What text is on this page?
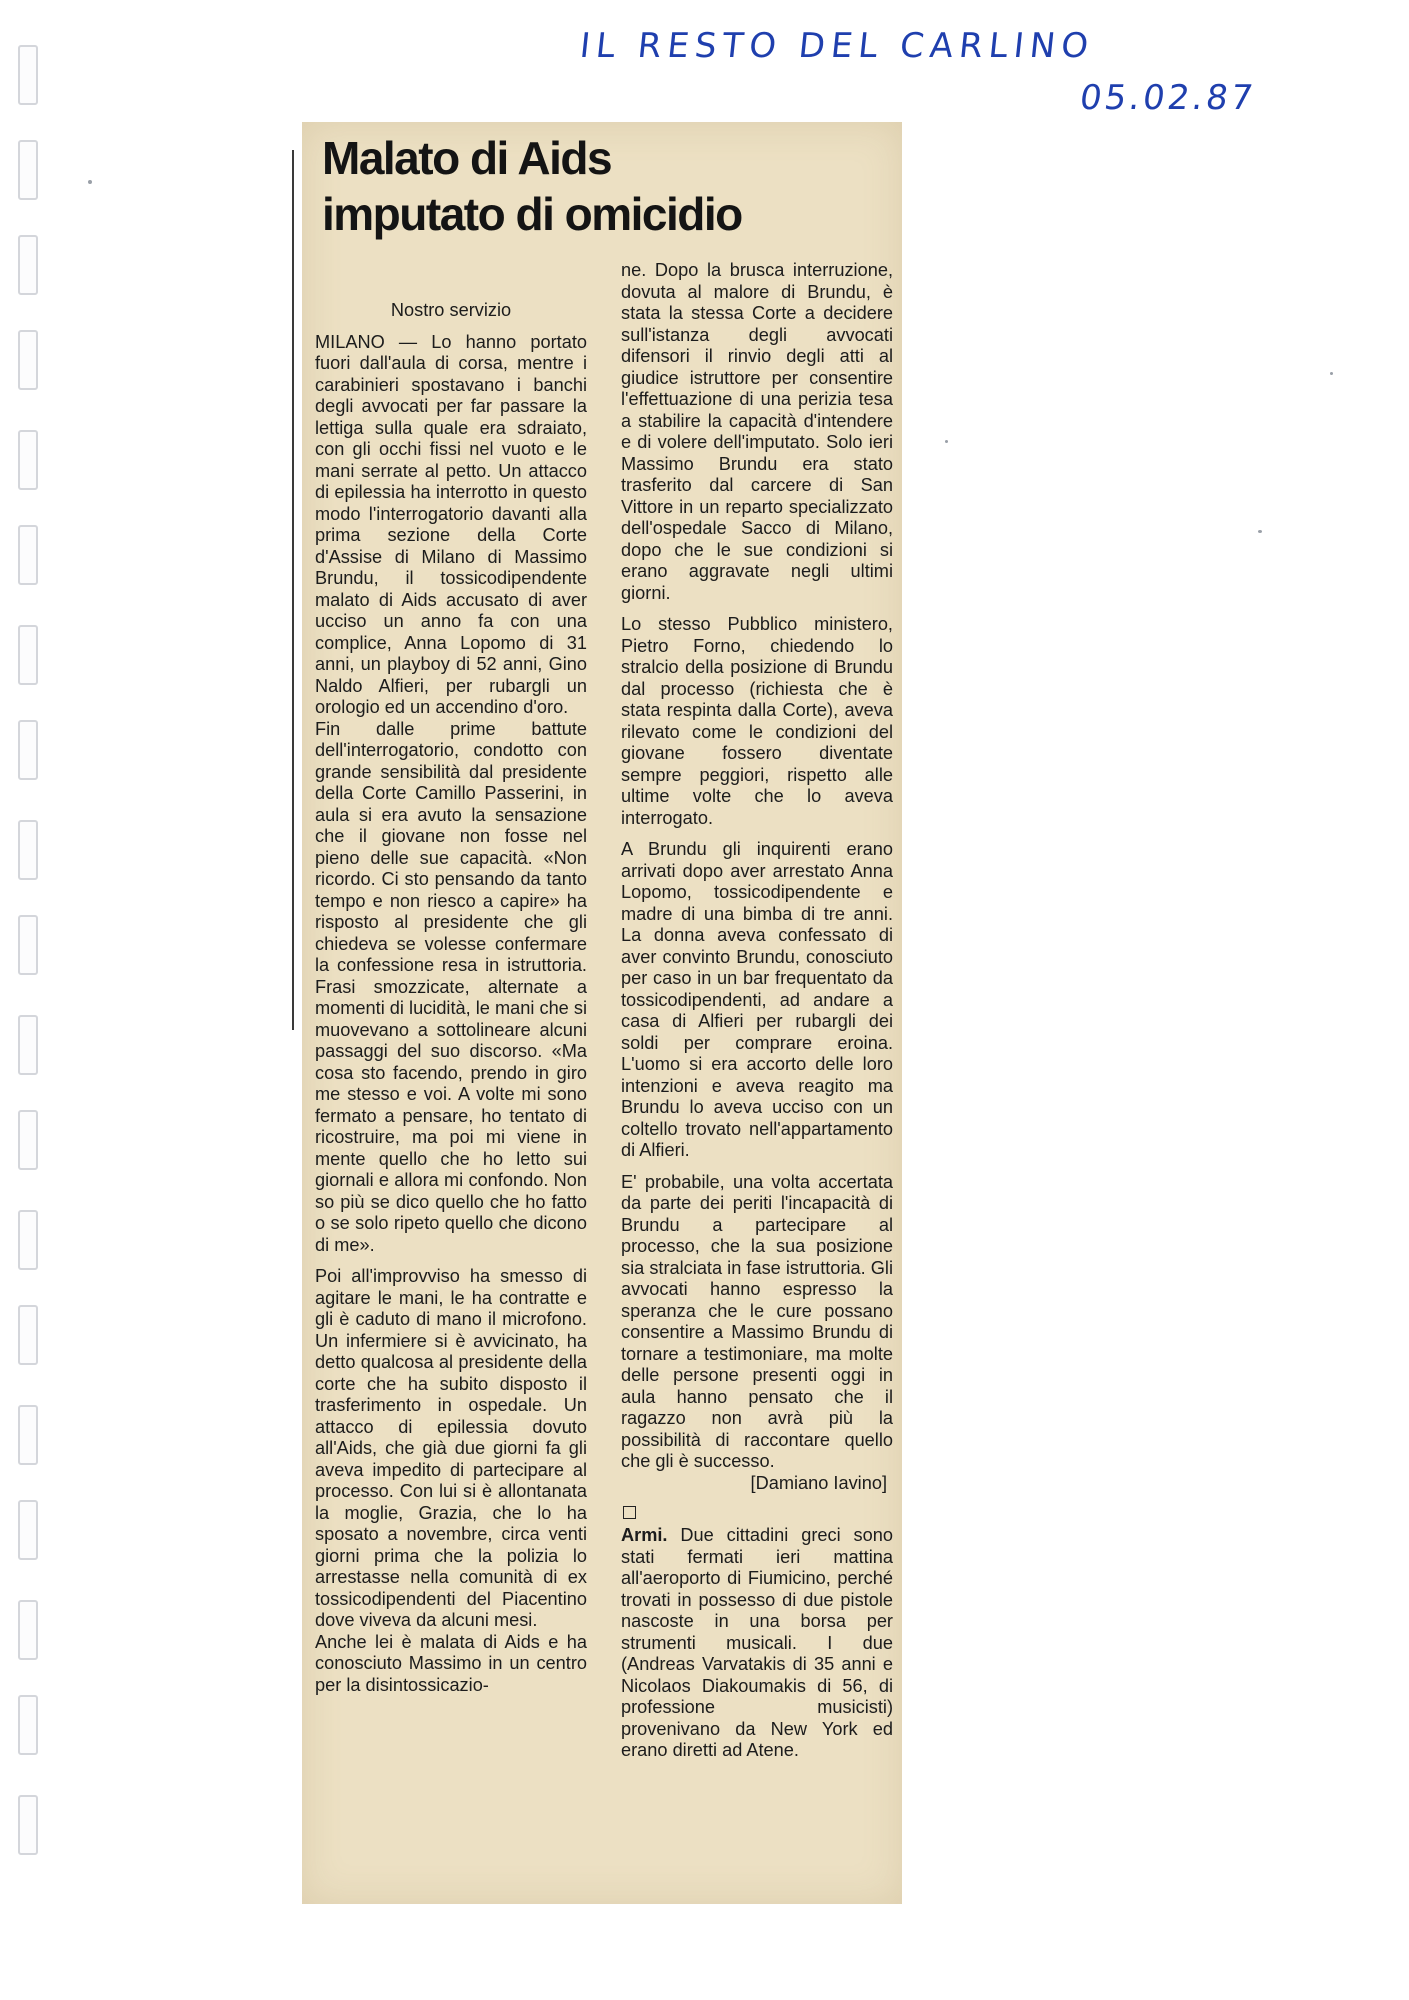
IL RESTO DEL CARLINO
05.02.87
Malato di Aids
imputato di omicidio

Nostro servizio

MILANO — Lo hanno portato fuori dall'aula di corsa, mentre i carabinieri spostavano i banchi degli avvocati per far passare la lettiga sulla quale era sdraiato, con gli occhi fissi nel vuoto e le mani serrate al petto. Un attacco di epilessia ha interrotto in questo modo l'interrogatorio davanti alla prima sezione della Corte d'Assise di Milano di Massimo Brundu, il tossicodipendente malato di Aids accusato di aver ucciso un anno fa con una complice, Anna Lopomo di 31 anni, un playboy di 52 anni, Gino Naldo Alfieri, per rubargli un orologio ed un accendino d'oro.

Fin dalle prime battute dell'interrogatorio, condotto con grande sensibilità dal presidente della Corte Camillo Passerini, in aula si era avuto la sensazione che il giovane non fosse nel pieno delle sue capacità. «Non ricordo. Ci sto pensando da tanto tempo e non riesco a capire» ha risposto al presidente che gli chiedeva se volesse confermare la confessione resa in istruttoria. Frasi smozzicate, alternate a momenti di lucidità, le mani che si muovevano a sottolineare alcuni passaggi del suo discorso. «Ma cosa sto facendo, prendo in giro me stesso e voi. A volte mi sono fermato a pensare, ho tentato di ricostruire, ma poi mi viene in mente quello che ho letto sui giornali e allora mi confondo. Non so più se dico quello che ho fatto o se solo ripeto quello che dicono di me».

Poi all'improvviso ha smesso di agitare le mani, le ha contratte e gli è caduto di mano il microfono. Un infermiere si è avvicinato, ha detto qualcosa al presidente della corte che ha subito disposto il trasferimento in ospedale. Un attacco di epilessia dovuto all'Aids, che già due giorni fa gli aveva impedito di partecipare al processo. Con lui si è allontanata la moglie, Grazia, che lo ha sposato a novembre, circa venti giorni prima che la polizia lo arrestasse nella comunità di ex tossicodipendenti del Piacentino dove viveva da alcuni mesi.

Anche lei è malata di Aids e ha conosciuto Massimo in un centro per la disintossicazio-

ne. Dopo la brusca interruzione, dovuta al malore di Brundu, è stata la stessa Corte a decidere sull'istanza degli avvocati difensori il rinvio degli atti al giudice istruttore per consentire l'effettuazione di una perizia tesa a stabilire la capacità d'intendere e di volere dell'imputato. Solo ieri Massimo Brundu era stato trasferito dal carcere di San Vittore in un reparto specializzato dell'ospedale Sacco di Milano, dopo che le sue condizioni si erano aggravate negli ultimi giorni.

Lo stesso Pubblico ministero, Pietro Forno, chiedendo lo stralcio della posizione di Brundu dal processo (richiesta che è stata respinta dalla Corte), aveva rilevato come le condizioni del giovane fossero diventate sempre peggiori, rispetto alle ultime volte che lo aveva interrogato.

A Brundu gli inquirenti erano arrivati dopo aver arrestato Anna Lopomo, tossicodipendente e madre di una bimba di tre anni. La donna aveva confessato di aver convinto Brundu, conosciuto per caso in un bar frequentato da tossicodipendenti, ad andare a casa di Alfieri per rubargli dei soldi per comprare eroina. L'uomo si era accorto delle loro intenzioni e aveva reagito ma Brundu lo aveva ucciso con un coltello trovato nell'appartamento di Alfieri.

E' probabile, una volta accertata da parte dei periti l'incapacità di Brundu a partecipare al processo, che la sua posizione sia stralciata in fase istruttoria. Gli avvocati hanno espresso la speranza che le cure possano consentire a Massimo Brundu di tornare a testimoniare, ma molte delle persone presenti oggi in aula hanno pensato che il ragazzo non avrà più la possibilità di raccontare quello che gli è successo.

[Damiano Iavino]

Armi. Due cittadini greci sono stati fermati ieri mattina all'aeroporto di Fiumicino, perché trovati in possesso di due pistole nascoste in una borsa per strumenti musicali. I due (Andreas Varvatakis di 35 anni e Nicolaos Diakoumakis di 56, di professione musicisti) provenivano da New York ed erano diretti ad Atene.
